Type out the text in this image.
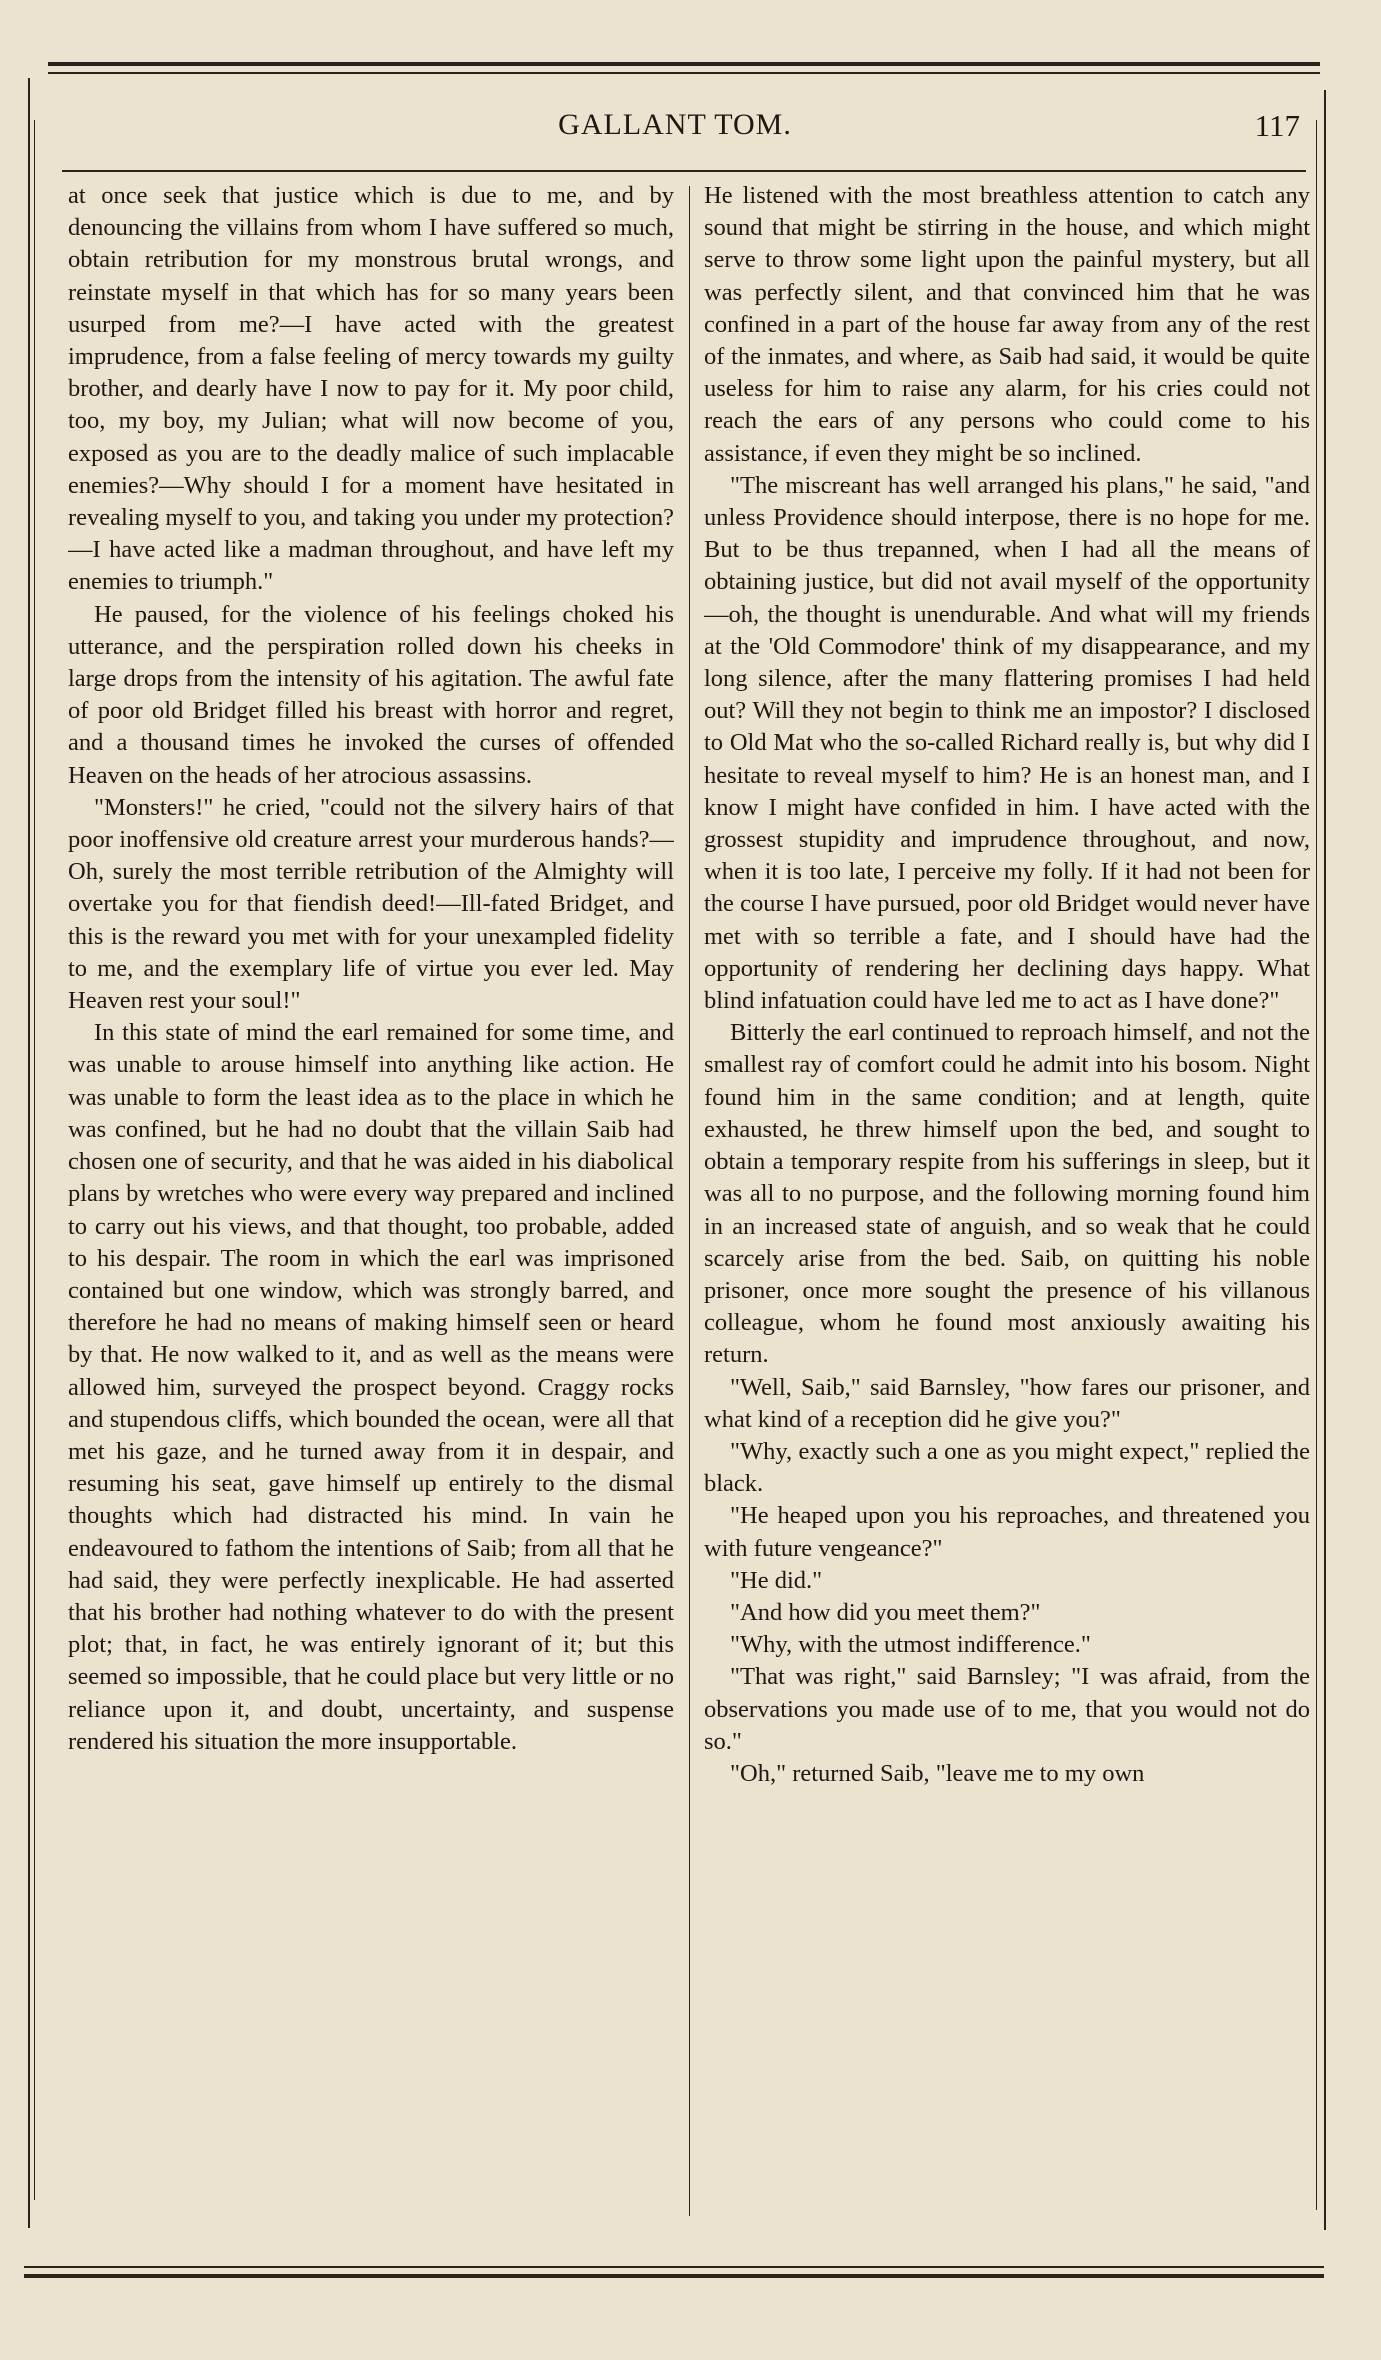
GALLANT TOM.	117

at once seek that justice which is due to me, and by denouncing the villains from whom I have suffered so much, obtain retribution for my monstrous brutal wrongs, and reinstate myself in that which has for so many years been usurped from me?—I have acted with the greatest imprudence, from a false feeling of mercy towards my guilty brother, and dearly have I now to pay for it. My poor child, too, my boy, my Julian; what will now become of you, exposed as you are to the deadly malice of such implacable enemies?—Why should I for a moment have hesitated in revealing myself to you, and taking you under my protection?—I have acted like a madman throughout, and have left my enemies to triumph."

He paused, for the violence of his feelings choked his utterance, and the perspiration rolled down his cheeks in large drops from the intensity of his agitation. The awful fate of poor old Bridget filled his breast with horror and regret, and a thousand times he invoked the curses of offended Heaven on the heads of her atrocious assassins.

"Monsters!" he cried, "could not the silvery hairs of that poor inoffensive old creature arrest your murderous hands?—Oh, surely the most terrible retribution of the Almighty will overtake you for that fiendish deed!—Ill-fated Bridget, and this is the reward you met with for your unexampled fidelity to me, and the exemplary life of virtue you ever led. May Heaven rest your soul!"

In this state of mind the earl remained for some time, and was unable to arouse himself into anything like action. He was unable to form the least idea as to the place in which he was confined, but he had no doubt that the villain Saib had chosen one of security, and that he was aided in his diabolical plans by wretches who were every way prepared and inclined to carry out his views, and that thought, too probable, added to his despair. The room in which the earl was imprisoned contained but one window, which was strongly barred, and therefore he had no means of making himself seen or heard by that. He now walked to it, and as well as the means were allowed him, surveyed the prospect beyond. Craggy rocks and stupendous cliffs, which bounded the ocean, were all that met his gaze, and he turned away from it in despair, and resuming his seat, gave himself up entirely to the dismal thoughts which had distracted his mind. In vain he endeavoured to fathom the intentions of Saib; from all that he had said, they were perfectly inexplicable. He had asserted that his brother had nothing whatever to do with the present plot; that, in fact, he was entirely ignorant of it; but this seemed so impossible, that he could place but very little or no reliance upon it, and doubt, uncertainty, and suspense rendered his situation the more insupportable.

He listened with the most breathless attention to catch any sound that might be stirring in the house, and which might serve to throw some light upon the painful mystery, but all was perfectly silent, and that convinced him that he was confined in a part of the house far away from any of the rest of the inmates, and where, as Saib had said, it would be quite useless for him to raise any alarm, for his cries could not reach the ears of any persons who could come to his assistance, if even they might be so inclined.

"The miscreant has well arranged his plans," he said, "and unless Providence should interpose, there is no hope for me. But to be thus trepanned, when I had all the means of obtaining justice, but did not avail myself of the opportunity—oh, the thought is unendurable. And what will my friends at the 'Old Commodore' think of my disappearance, and my long silence, after the many flattering promises I had held out? Will they not begin to think me an impostor? I disclosed to Old Mat who the so-called Richard really is, but why did I hesitate to reveal myself to him? He is an honest man, and I know I might have confided in him. I have acted with the grossest stupidity and imprudence throughout, and now, when it is too late, I perceive my folly. If it had not been for the course I have pursued, poor old Bridget would never have met with so terrible a fate, and I should have had the opportunity of rendering her declining days happy. What blind infatuation could have led me to act as I have done?"

Bitterly the earl continued to reproach himself, and not the smallest ray of comfort could he admit into his bosom. Night found him in the same condition; and at length, quite exhausted, he threw himself upon the bed, and sought to obtain a temporary respite from his sufferings in sleep, but it was all to no purpose, and the following morning found him in an increased state of anguish, and so weak that he could scarcely arise from the bed. Saib, on quitting his noble prisoner, once more sought the presence of his villanous colleague, whom he found most anxiously awaiting his return.

"Well, Saib," said Barnsley, "how fares our prisoner, and what kind of a reception did he give you?"

"Why, exactly such a one as you might expect," replied the black.

"He heaped upon you his reproaches, and threatened you with future vengeance?"

"He did."

"And how did you meet them?"

"Why, with the utmost indifference."

"That was right," said Barnsley; "I was afraid, from the observations you made use of to me, that you would not do so."

"Oh," returned Saib, "leave me to my own
